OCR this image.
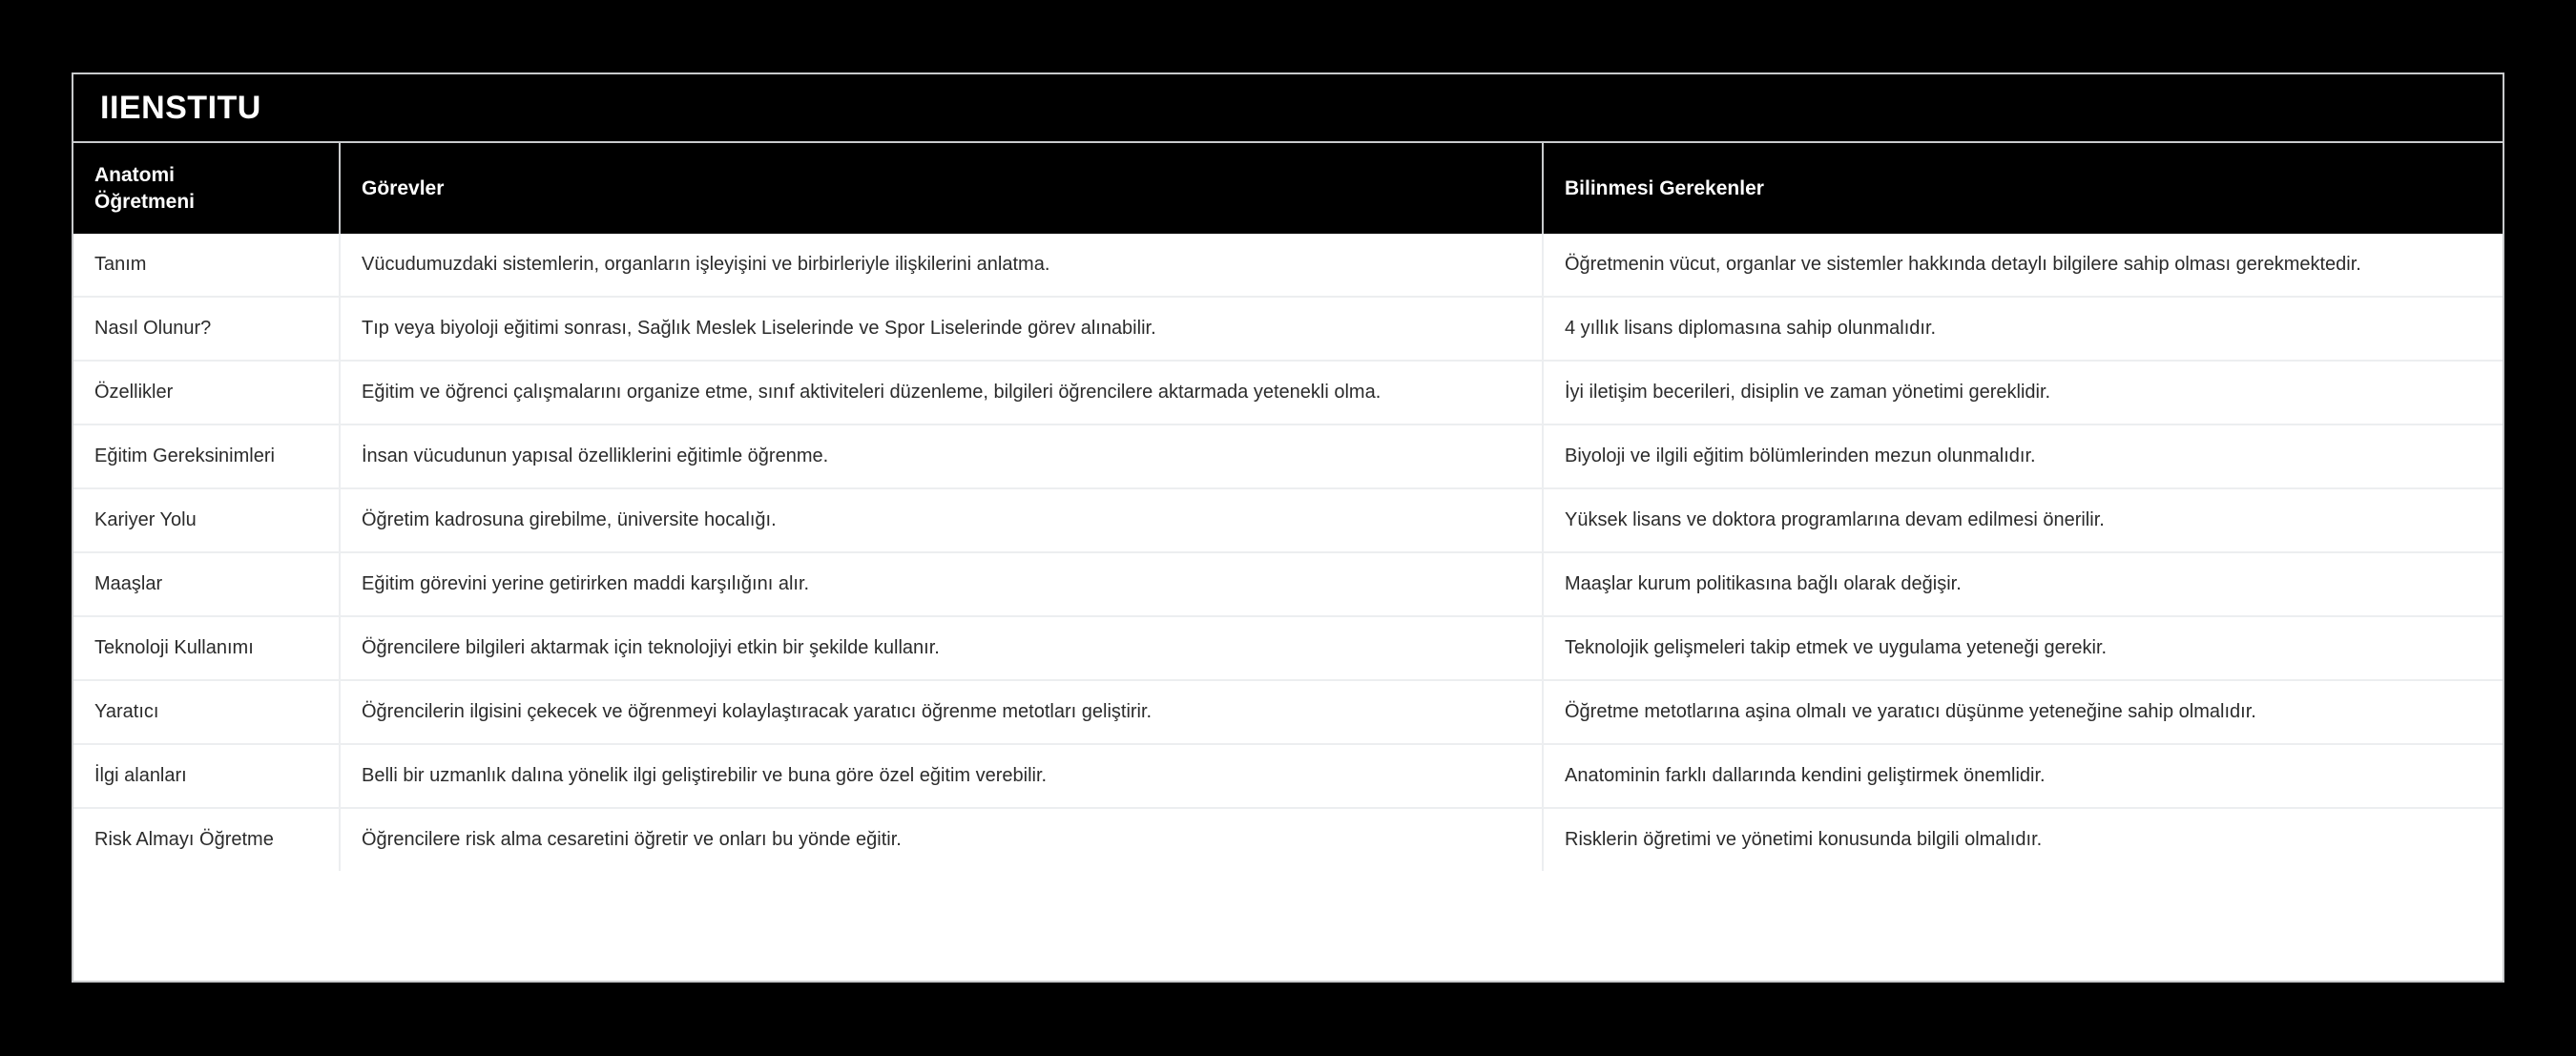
IIENSTITU
Anatomi
Öğretmeni	Görevler	Bilinmesi Gerekenler

Tanım	Vücudumuzdaki sistemlerin, organların işleyişini ve birbirleriyle ilişkilerini anlatma.	Öğretmenin vücut, organlar ve sistemler hakkında detaylı bilgilere sahip olması gerekmektedir.
Nasıl Olunur?	Tıp veya biyoloji eğitimi sonrası, Sağlık Meslek Liselerinde ve Spor Liselerinde görev alınabilir.	4 yıllık lisans diplomasına sahip olunmalıdır.
Özellikler	Eğitim ve öğrenci çalışmalarını organize etme, sınıf aktiviteleri düzenleme, bilgileri öğrencilere aktarmada yetenekli olma.	İyi iletişim becerileri, disiplin ve zaman yönetimi gereklidir.
Eğitim Gereksinimleri	İnsan vücudunun yapısal özelliklerini eğitimle öğrenme.	Biyoloji ve ilgili eğitim bölümlerinden mezun olunmalıdır.
Kariyer Yolu	Öğretim kadrosuna girebilme, üniversite hocalığı.	Yüksek lisans ve doktora programlarına devam edilmesi önerilir.
Maaşlar	Eğitim görevini yerine getirirken maddi karşılığını alır.	Maaşlar kurum politikasına bağlı olarak değişir.
Teknoloji Kullanımı	Öğrencilere bilgileri aktarmak için teknolojiyi etkin bir şekilde kullanır.	Teknolojik gelişmeleri takip etmek ve uygulama yeteneği gerekir.
Yaratıcı	Öğrencilerin ilgisini çekecek ve öğrenmeyi kolaylaştıracak yaratıcı öğrenme metotları geliştirir.	Öğretme metotlarına aşina olmalı ve yaratıcı düşünme yeteneğine sahip olmalıdır.
İlgi alanları	Belli bir uzmanlık dalına yönelik ilgi geliştirebilir ve buna göre özel eğitim verebilir.	Anatominin farklı dallarında kendini geliştirmek önemlidir.
Risk Almayı Öğretme	Öğrencilere risk alma cesaretini öğretir ve onları bu yönde eğitir.	Risklerin öğretimi ve yönetimi konusunda bilgili olmalıdır.
